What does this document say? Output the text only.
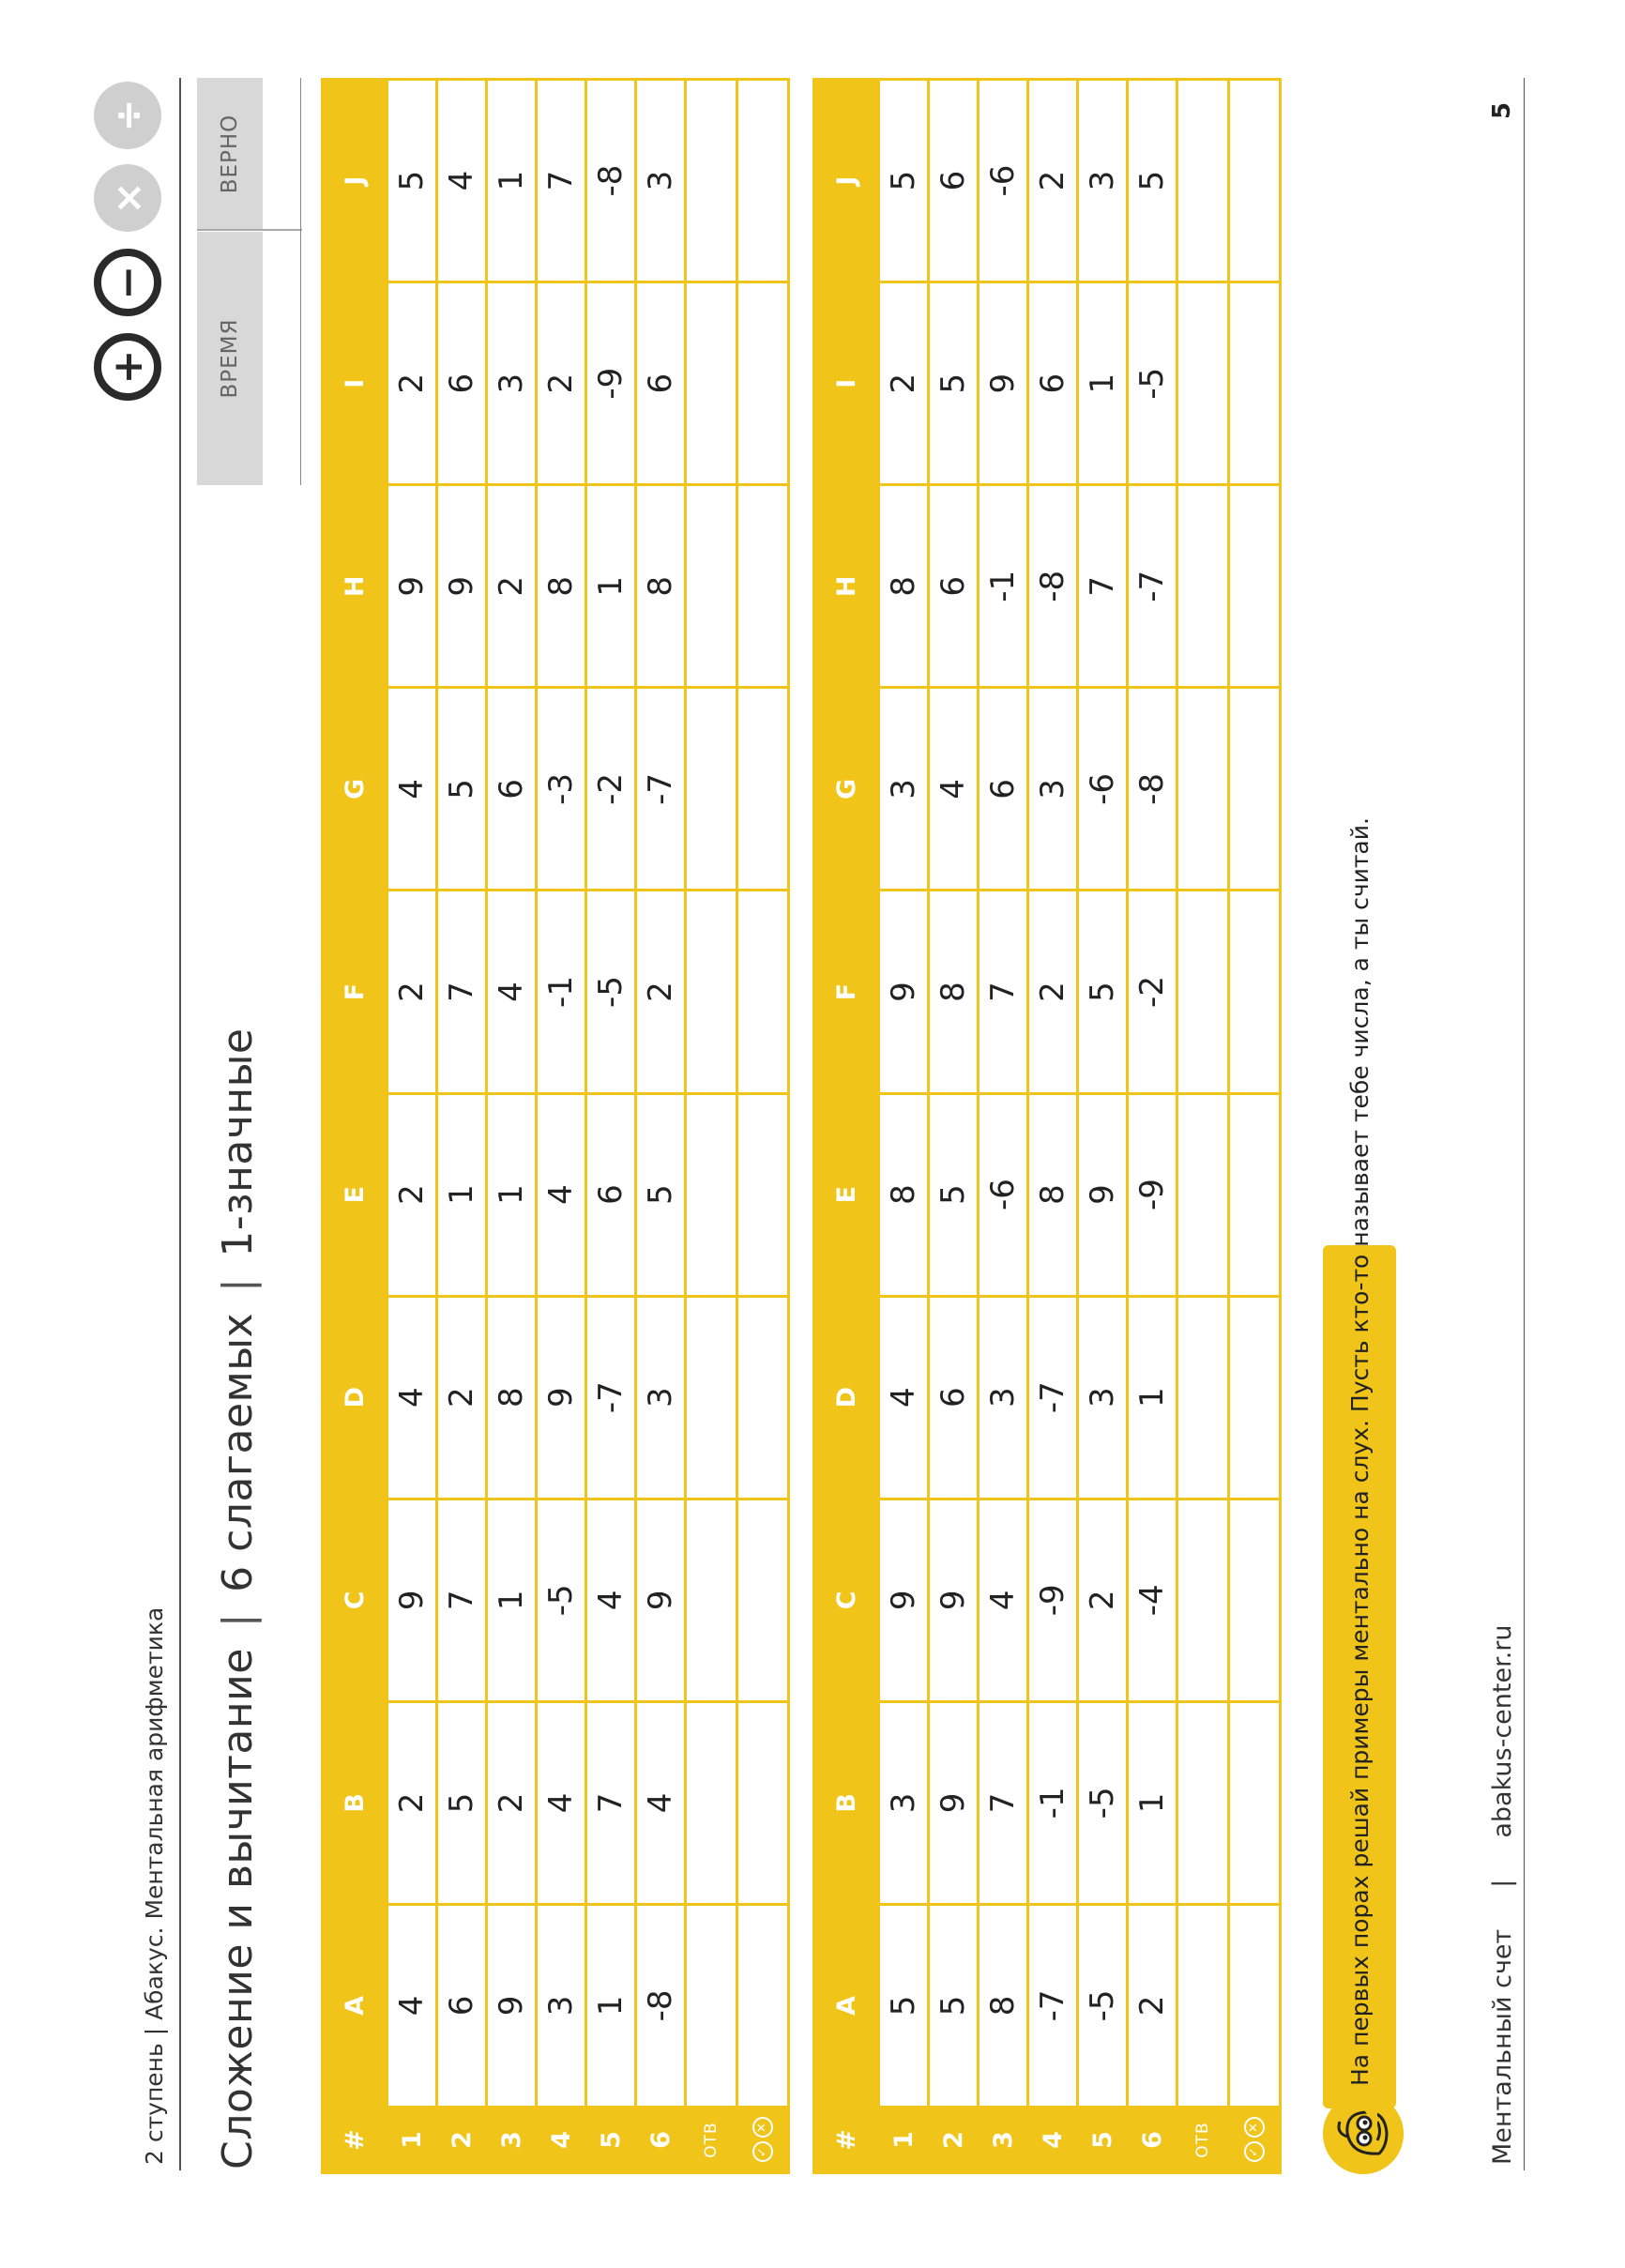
2 ступень | Абакус. Ментальная арифметика Сложение и вычитание|6 слагаемых|1-значные
+
−
×
÷
ВРЕМЯ
ВЕРНО
#	A	B	C	D	E	F	G	H	I	J
1	4	2	9	4	2	2	4	9	2	5
2	6	5	7	2	1	7	5	9	6	4
3	9	2	1	8	1	4	6	2	3	1
4	3	4	-5	9	4	-1	-3	8	2	7
5	1	7	4	-7	6	-5	-2	1	-9	-8
6	-8	4	9	3	5	2	-7	8	6	3
ОТВ										
✓✕										
#	A	B	C	D	E	F	G	H	I	J
1	5	3	9	4	8	9	3	8	2	5
2	5	9	9	6	5	8	4	6	5	6
3	8	7	4	3	-6	7	6	-1	9	-6
4	-7	-1	-9	-7	8	2	3	-8	6	2
5	-5	-5	2	3	9	5	-6	7	1	3
6	2	1	-4	1	-9	-2	-8	-7	-5	5
ОТВ										
✓✕										
На первых порах решай примеры ментально на слух. Пусть кто-то называет тебе числа, а ты считай.	Ментальный счет|abakus-center.ru
5
